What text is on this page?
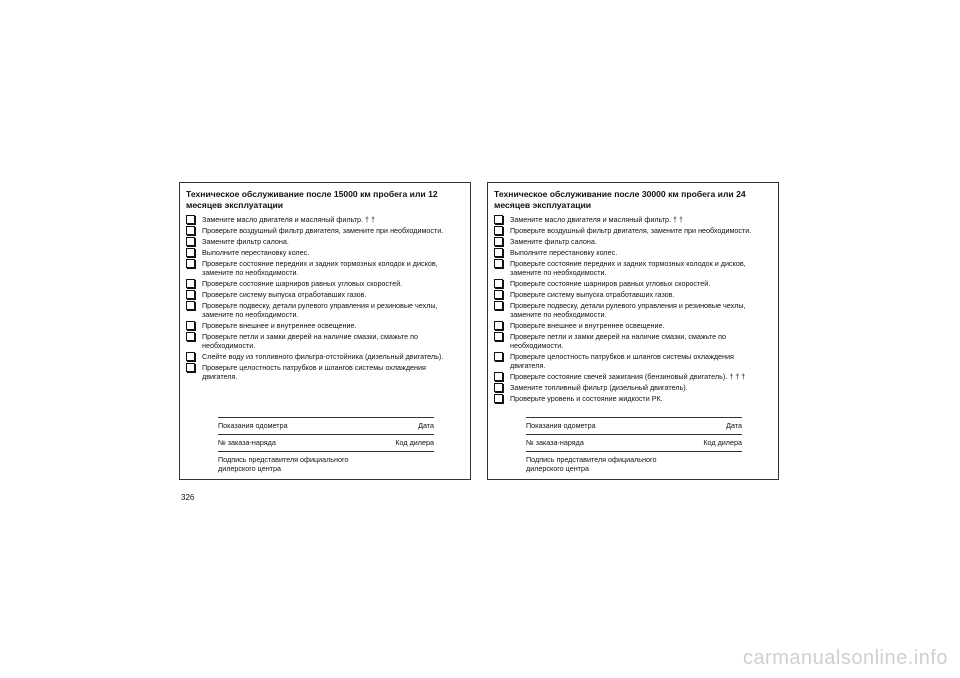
Техническое обслуживание после 15000 км пробега или 12 месяцев эксплуатации
Замените масло двигателя и масляный фильтр. † †
Проверьте воздушный фильтр двигателя, замените при необходимости.
Замените фильтр салона.
Выполните перестановку колес.
Проверьте состояние передних и задних тормозных колодок и дисков, замените по необходимости.
Проверьте состояние шарниров равных угловых скоростей.
Проверьте систему выпуска отработавших газов.
Проверьте подвеску, детали рулевого управления и резиновые чехлы, замените по необходимости.
Проверьте внешнее и внутреннее освещение.
Проверьте петли и замки дверей на наличие смазки, смажьте по необходимости.
Слейте воду из топливного фильтра-отстойника (дизельный двигатель).
Проверьте целостность патрубков и шлангов системы охлаждения двигателя.
Показания одометра	Дата
№ заказа-наряда	Код дилера
Подпись представителя официального дилерского центра
Техническое обслуживание после 30000 км пробега или 24 месяцев эксплуатации
Замените масло двигателя и масляный фильтр. † †
Проверьте воздушный фильтр двигателя, замените при необходимости.
Замените фильтр салона.
Выполните перестановку колес.
Проверьте состояние передних и задних тормозных колодок и дисков, замените по необходимости.
Проверьте состояние шарниров равных угловых скоростей.
Проверьте систему выпуска отработавших газов.
Проверьте подвеску, детали рулевого управления и резиновые чехлы, замените по необходимости.
Проверьте внешнее и внутреннее освещение.
Проверьте петли и замки дверей на наличие смазки, смажьте по необходимости.
Проверьте целостность патрубков и шлангов системы охлаждения двигателя.
Проверьте состояние свечей зажигания (бензиновый двигатель). † † †
Замените топливный фильтр (дизельный двигатель).
Проверьте уровень и состояние жидкости РК.
Показания одометра	Дата
№ заказа-наряда	Код дилера
Подпись представителя официального дилерского центра
326
carmanualsonline.info
